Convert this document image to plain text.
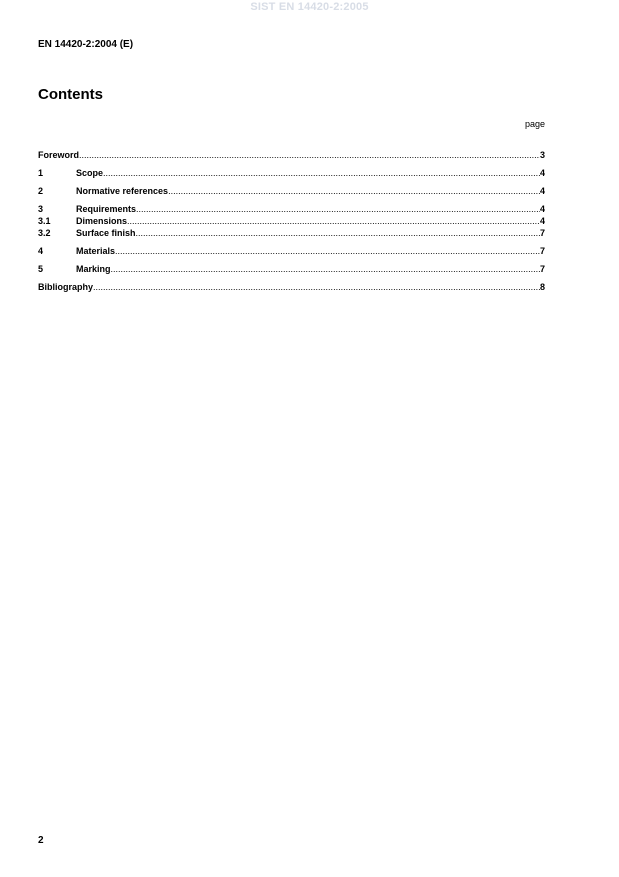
SIST EN 14420-2:2005
EN 14420-2:2004 (E)
Contents
page
Foreword .....	3
1	Scope .....	4
2	Normative references .....	4
3	Requirements .....	4
3.1	Dimensions .....	4
3.2	Surface finish .....	7
4	Materials .....	7
5	Marking .....	7
Bibliography .....	8
2
